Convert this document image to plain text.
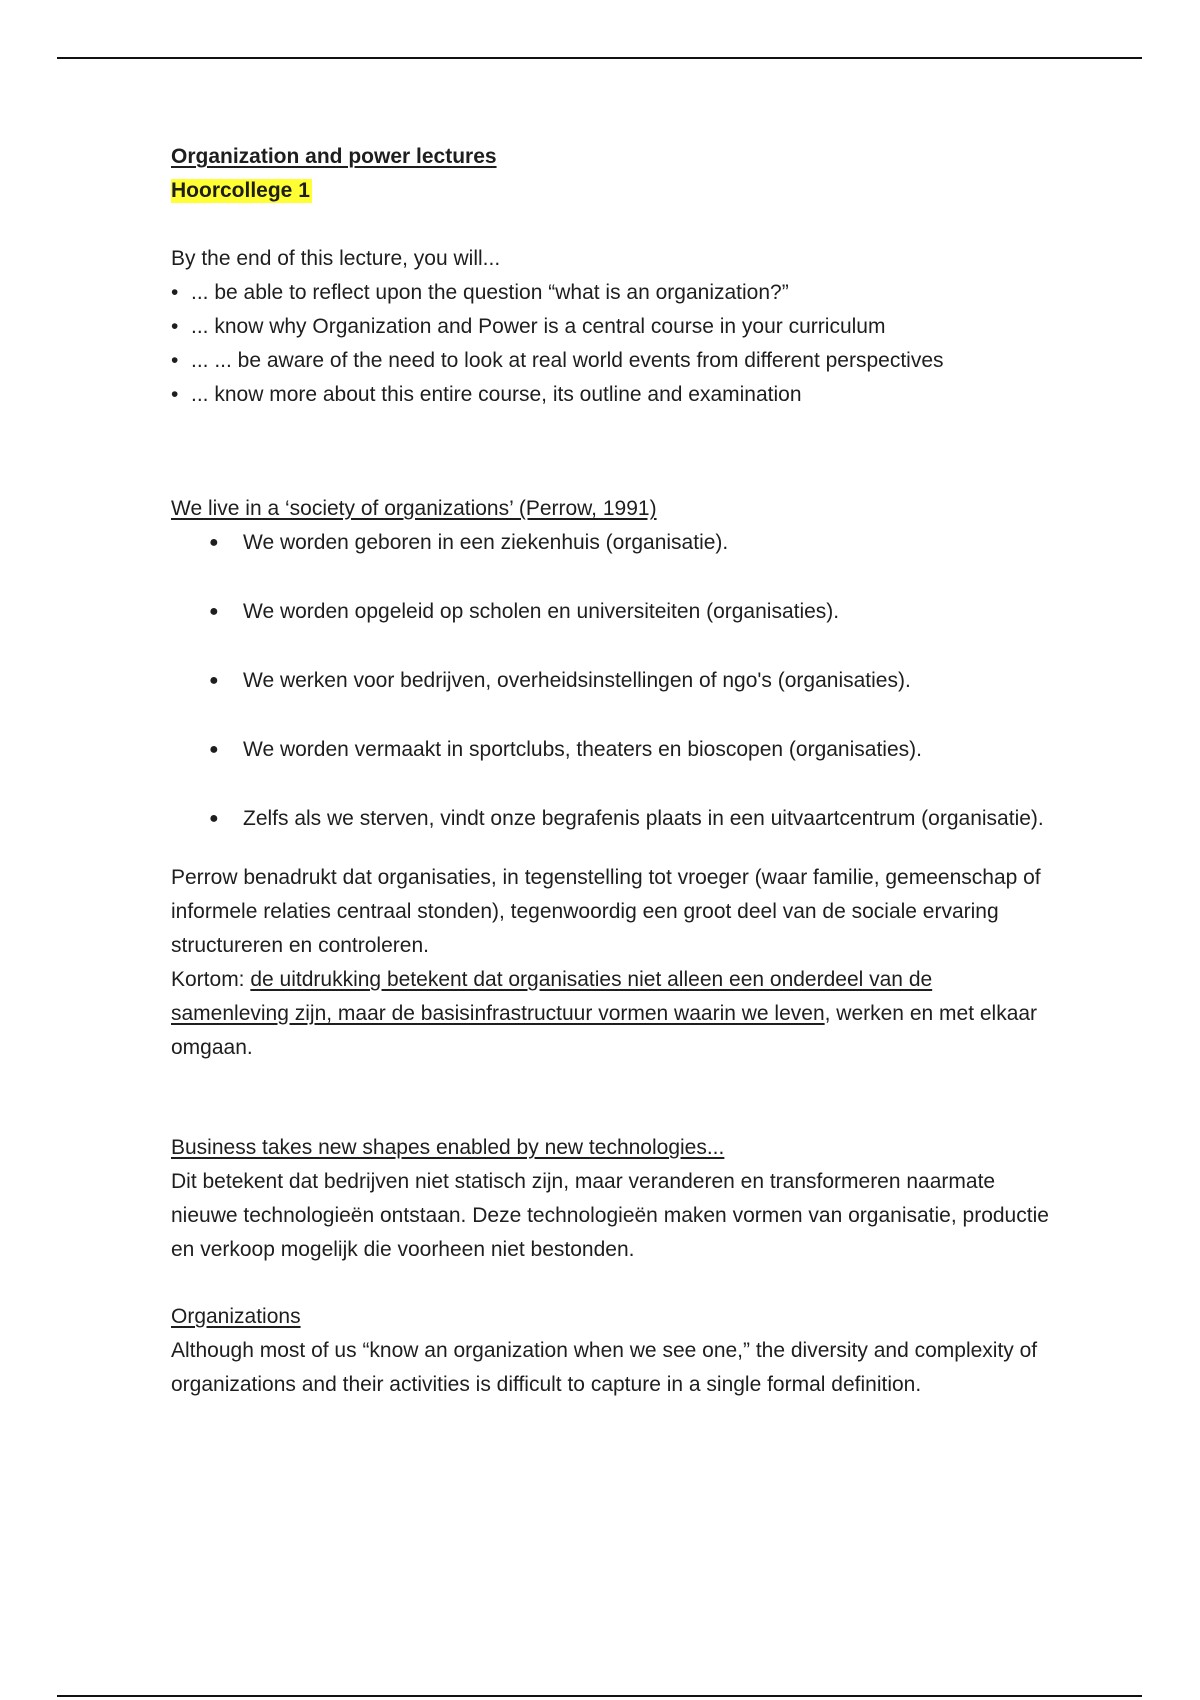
Organization and power lectures

Hoorcollege 1

By the end of this lecture, you will...

• ... be able to reflect upon the question “what is an organization?”
• ... know why Organization and Power is a central course in your curriculum
• ... ... be aware of the need to look at real world events from different perspectives
• ... know more about this entire course, its outline and examination

We live in a ‘society of organizations’ (Perrow, 1991)

● We worden geboren in een ziekenhuis (organisatie).
● We worden opgeleid op scholen en universiteiten (organisaties).
● We werken voor bedrijven, overheidsinstellingen of ngo's (organisaties).
● We worden vermaakt in sportclubs, theaters en bioscopen (organisaties).
● Zelfs als we sterven, vindt onze begrafenis plaats in een uitvaartcentrum (organisatie).

Perrow benadrukt dat organisaties, in tegenstelling tot vroeger (waar familie, gemeenschap of informele relaties centraal stonden), tegenwoordig een groot deel van de sociale ervaring structureren en controleren.

Kortom: de uitdrukking betekent dat organisaties niet alleen een onderdeel van de samenleving zijn, maar de basisinfrastructuur vormen waarin we leven, werken en met elkaar omgaan.

Business takes new shapes enabled by new technologies...

Dit betekent dat bedrijven niet statisch zijn, maar veranderen en transformeren naarmate nieuwe technologieën ontstaan. Deze technologieën maken vormen van organisatie, productie en verkoop mogelijk die voorheen niet bestonden.

Organizations

Although most of us “know an organization when we see one,” the diversity and complexity of organizations and their activities is difficult to capture in a single formal definition.
